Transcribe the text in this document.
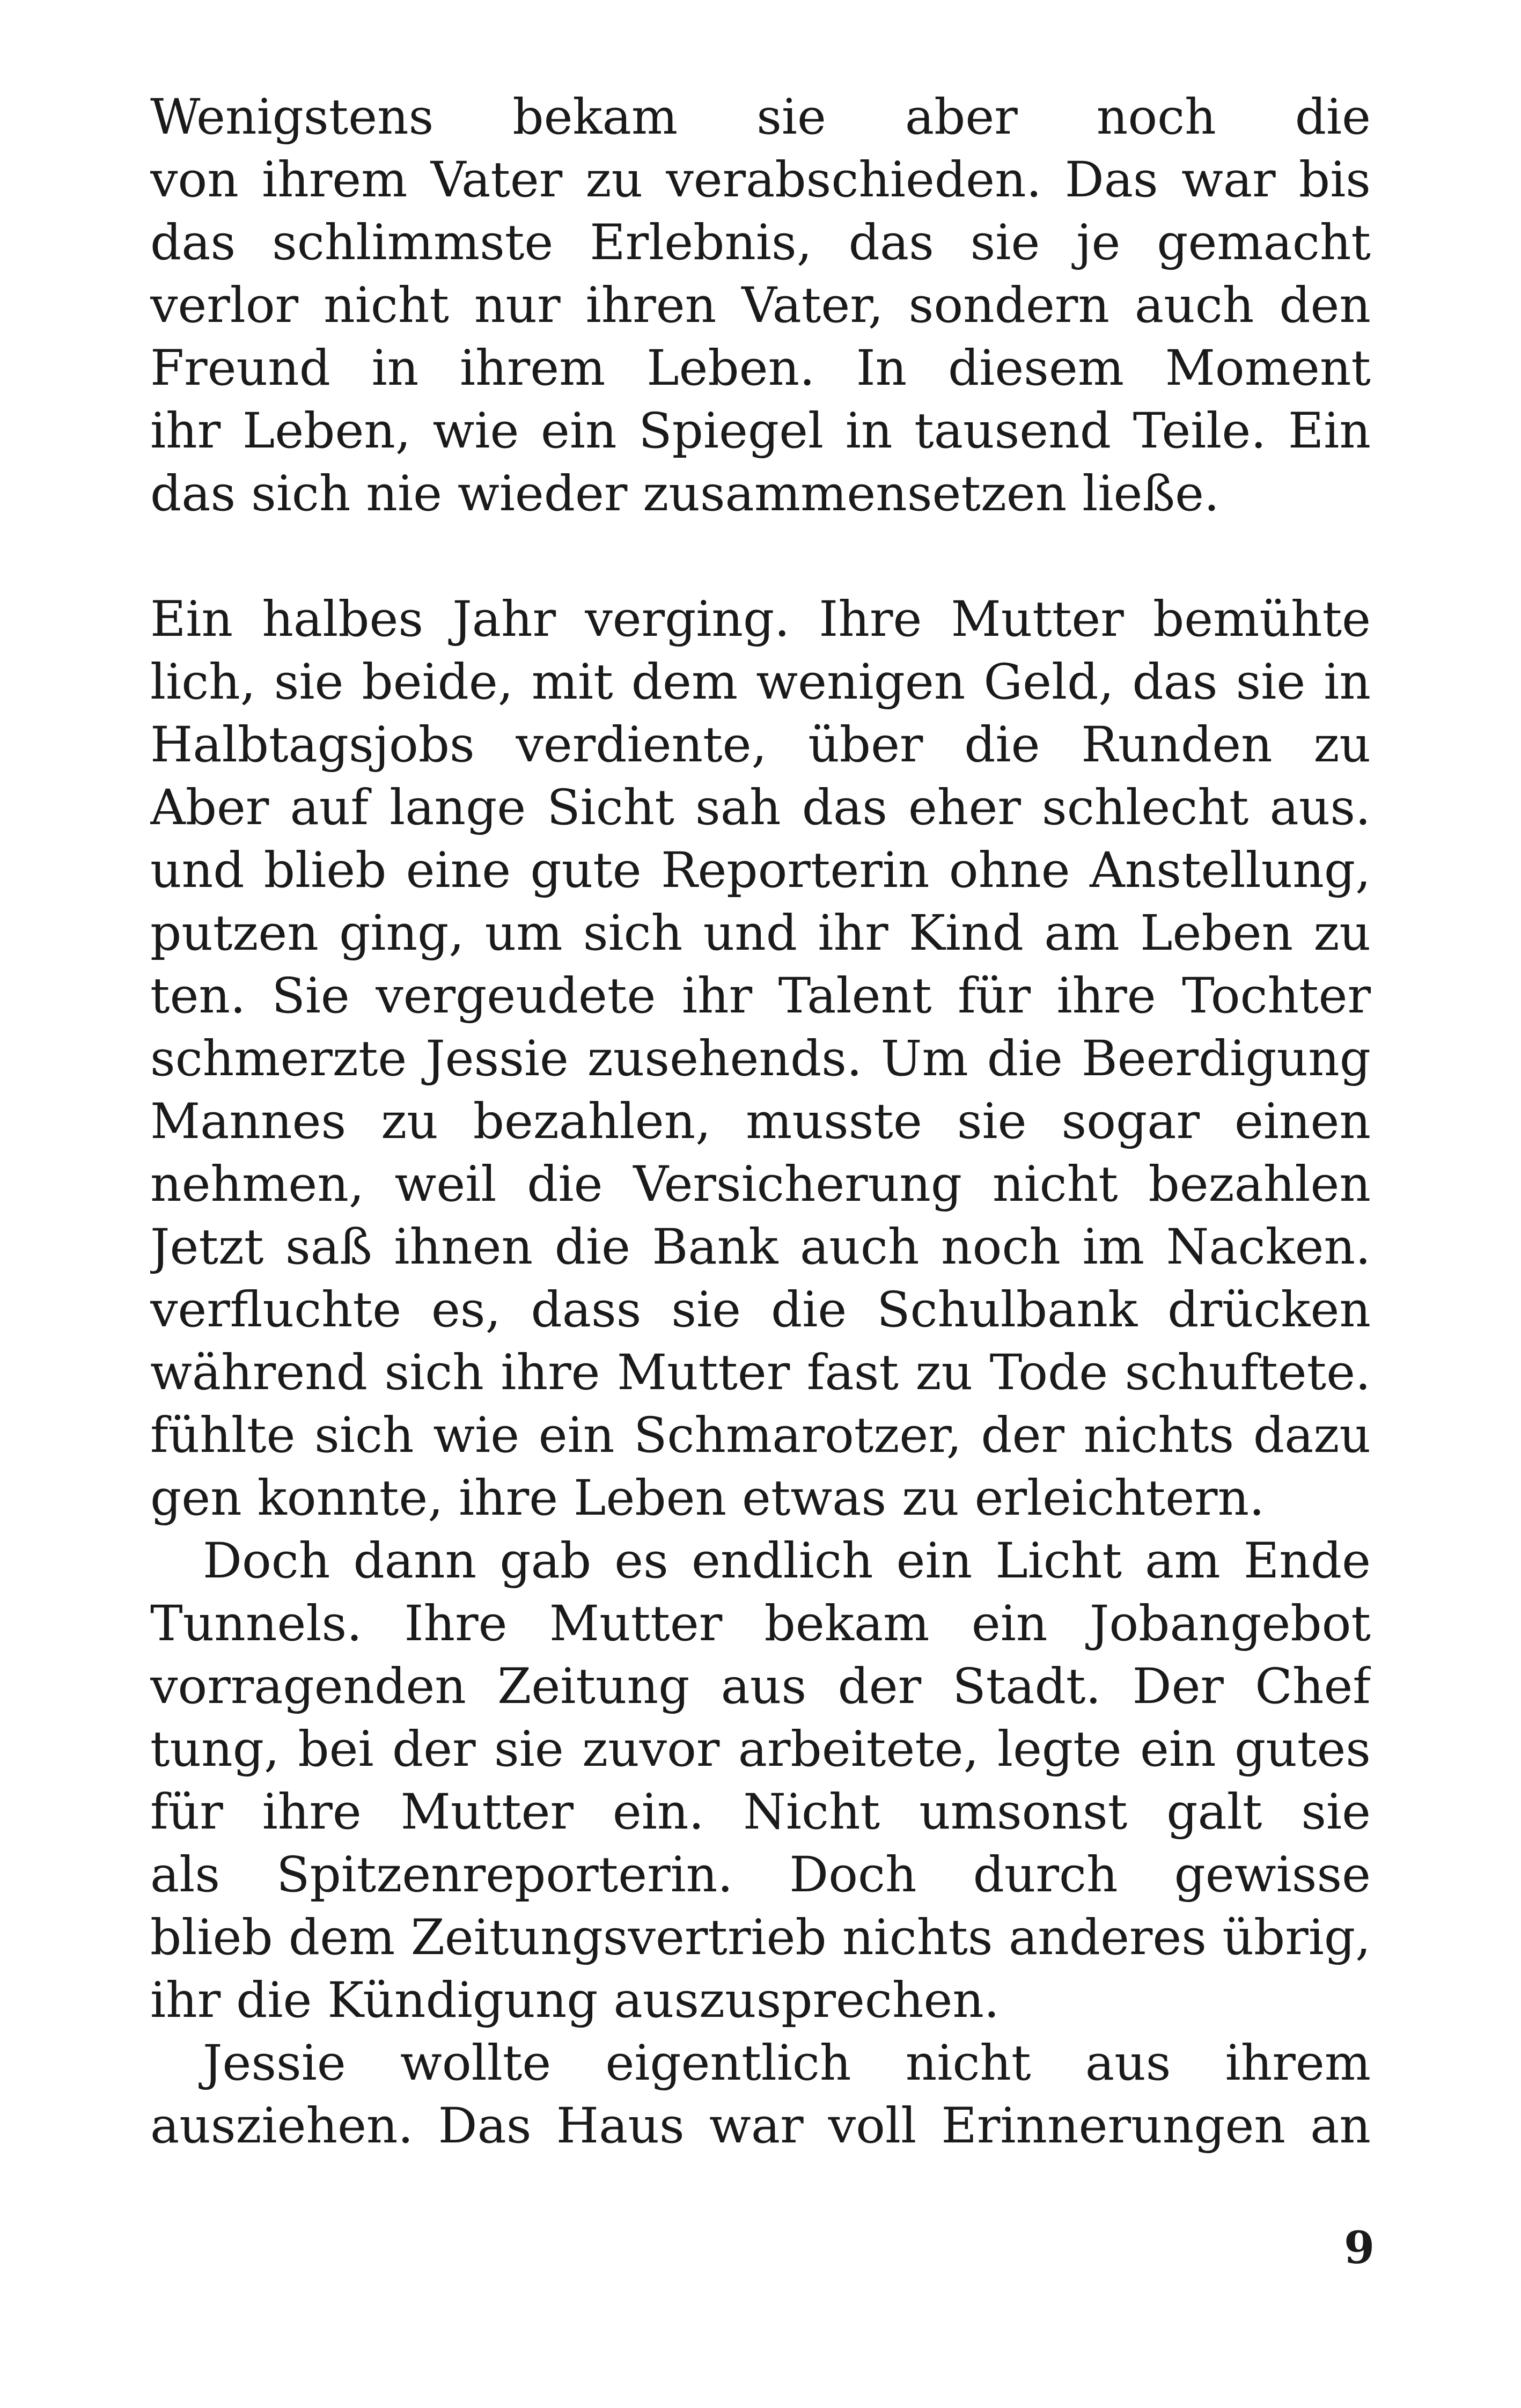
Wenigstens bekam sie aber noch die
von ihrem Vater zu verabschieden. Das war bis
das schlimmste Erlebnis, das sie je gemacht
verlor nicht nur ihren Vater, sondern auch den
Freund in ihrem Leben. In diesem Moment
ihr Leben, wie ein Spiegel in tausend Teile. Ein
das sich nie wieder zusammensetzen ließe.

Ein halbes Jahr verging. Ihre Mutter bemühte
lich, sie beide, mit dem wenigen Geld, das sie in
Halbtagsjobs verdiente, über die Runden zu
Aber auf lange Sicht sah das eher schlecht aus.
und blieb eine gute Reporterin ohne Anstellung,
putzen ging, um sich und ihr Kind am Leben zu
ten. Sie vergeudete ihr Talent für ihre Tochter
schmerzte Jessie zusehends. Um die Beerdigung
Mannes zu bezahlen, musste sie sogar einen
nehmen, weil die Versicherung nicht bezahlen
Jetzt saß ihnen die Bank auch noch im Nacken.
verfluchte es, dass sie die Schulbank drücken
während sich ihre Mutter fast zu Tode schuftete.
fühlte sich wie ein Schmarotzer, der nichts dazu
gen konnte, ihre Leben etwas zu erleichtern.

Doch dann gab es endlich ein Licht am Ende
Tunnels. Ihre Mutter bekam ein Jobangebot
vorragenden Zeitung aus der Stadt. Der Chef
tung, bei der sie zuvor arbeitete, legte ein gutes
für ihre Mutter ein. Nicht umsonst galt sie
als Spitzenreporterin. Doch durch gewisse
blieb dem Zeitungsvertrieb nichts anderes übrig,
ihr die Kündigung auszusprechen.

Jessie wollte eigentlich nicht aus ihrem
ausziehen. Das Haus war voll Erinnerungen an

9
